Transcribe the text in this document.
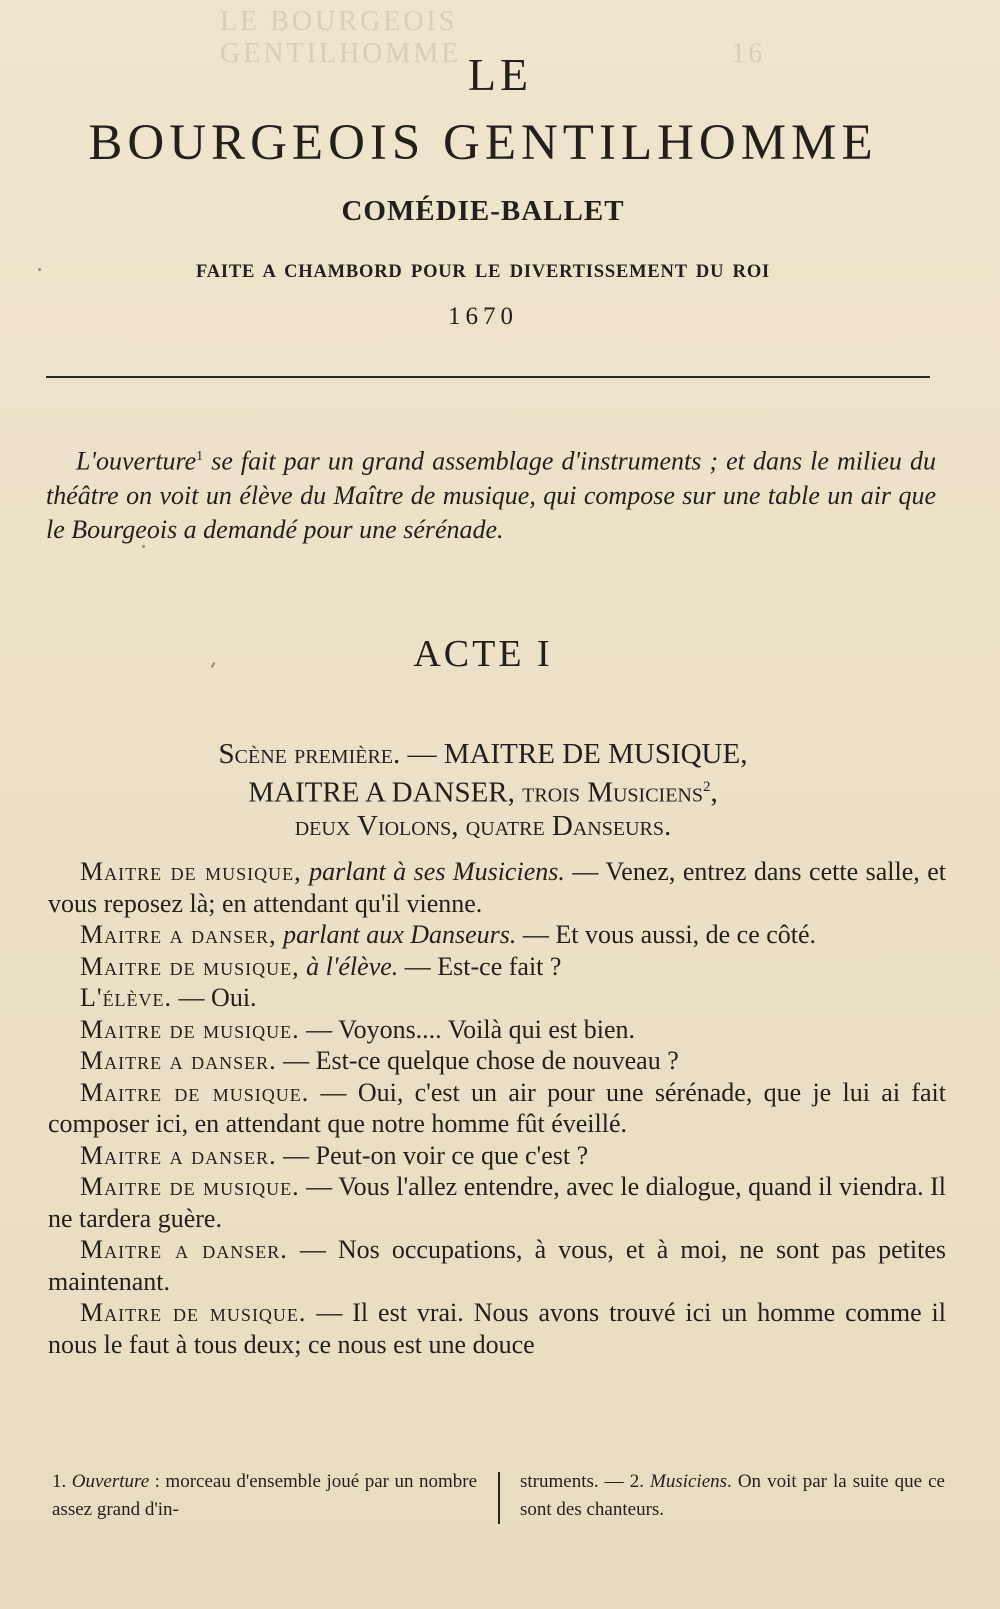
LE BOURGEOIS GENTILHOMME	16
LE
BOURGEOIS GENTILHOMME
COMÉDIE-BALLET
FAITE A CHAMBORD POUR LE DIVERTISSEMENT DU ROI
1670

L'ouverture$^1$ se fait par un grand assemblage d'instruments ; et dans le milieu du théâtre on voit un élève du Maître de musique, qui compose sur une table un air que le Bourgeois a demandé pour une sérénade.

ACTE I
Scène première. — MAITRE DE MUSIQUE,
MAITRE A DANSER, trois Musiciens$^2$,
deux Violons, quatre Danseurs.

Maitre de musique, parlant à ses Musiciens. — Venez, entrez dans cette salle, et vous reposez là; en attendant qu'il vienne.

Maitre a danser, parlant aux Danseurs. — Et vous aussi, de ce côté.

Maitre de musique, à l'élève. — Est-ce fait ?

L'élève. — Oui.

Maitre de musique. — Voyons.... Voilà qui est bien.

Maitre a danser. — Est-ce quelque chose de nouveau ?

Maitre de musique. — Oui, c'est un air pour une sérénade, que je lui ai fait composer ici, en attendant que notre homme fût éveillé.

Maitre a danser. — Peut-on voir ce que c'est ?

Maitre de musique. — Vous l'allez entendre, avec le dialogue, quand il viendra. Il ne tardera guère.

Maitre a danser. — Nos occupations, à vous, et à moi, ne sont pas petites maintenant.

Maitre de musique. — Il est vrai. Nous avons trouvé ici un homme comme il nous le faut à tous deux; ce nous est une douce

1. Ouverture : morceau d'ensemble joué par un nombre assez grand d'in-
struments. — 2. Musiciens. On voit par la suite que ce sont des chanteurs.
